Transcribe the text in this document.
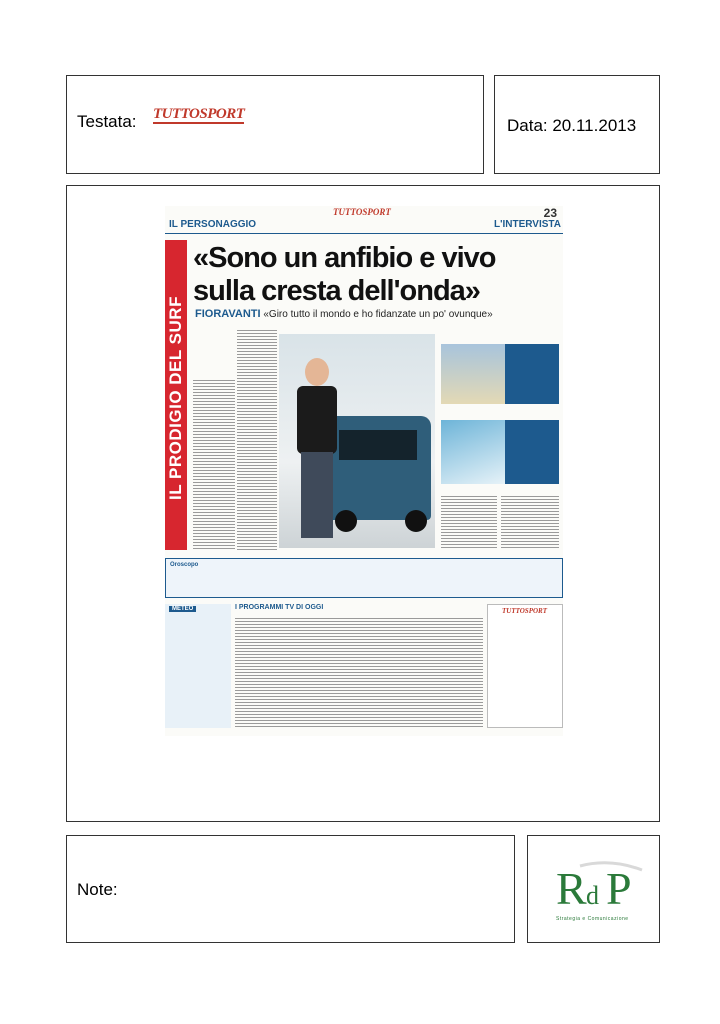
Testata: TUTTOSPORT
Data: 20.11.2013
IL PERSONAGGIO
TUTTOSPORT	23
L'INTERVISTA
IL PRODIGIO DEL SURF
«Sono un anfibio e vivo sulla cresta dell'onda»
FIORAVANTI «Giro tutto il mondo e ho fidanzate un po' ovunque»
Oroscopo
METEO	I PROGRAMMI TV DI OGGI	TUTTOSPORT
Note:	R d P
Strategia e Comunicazione
